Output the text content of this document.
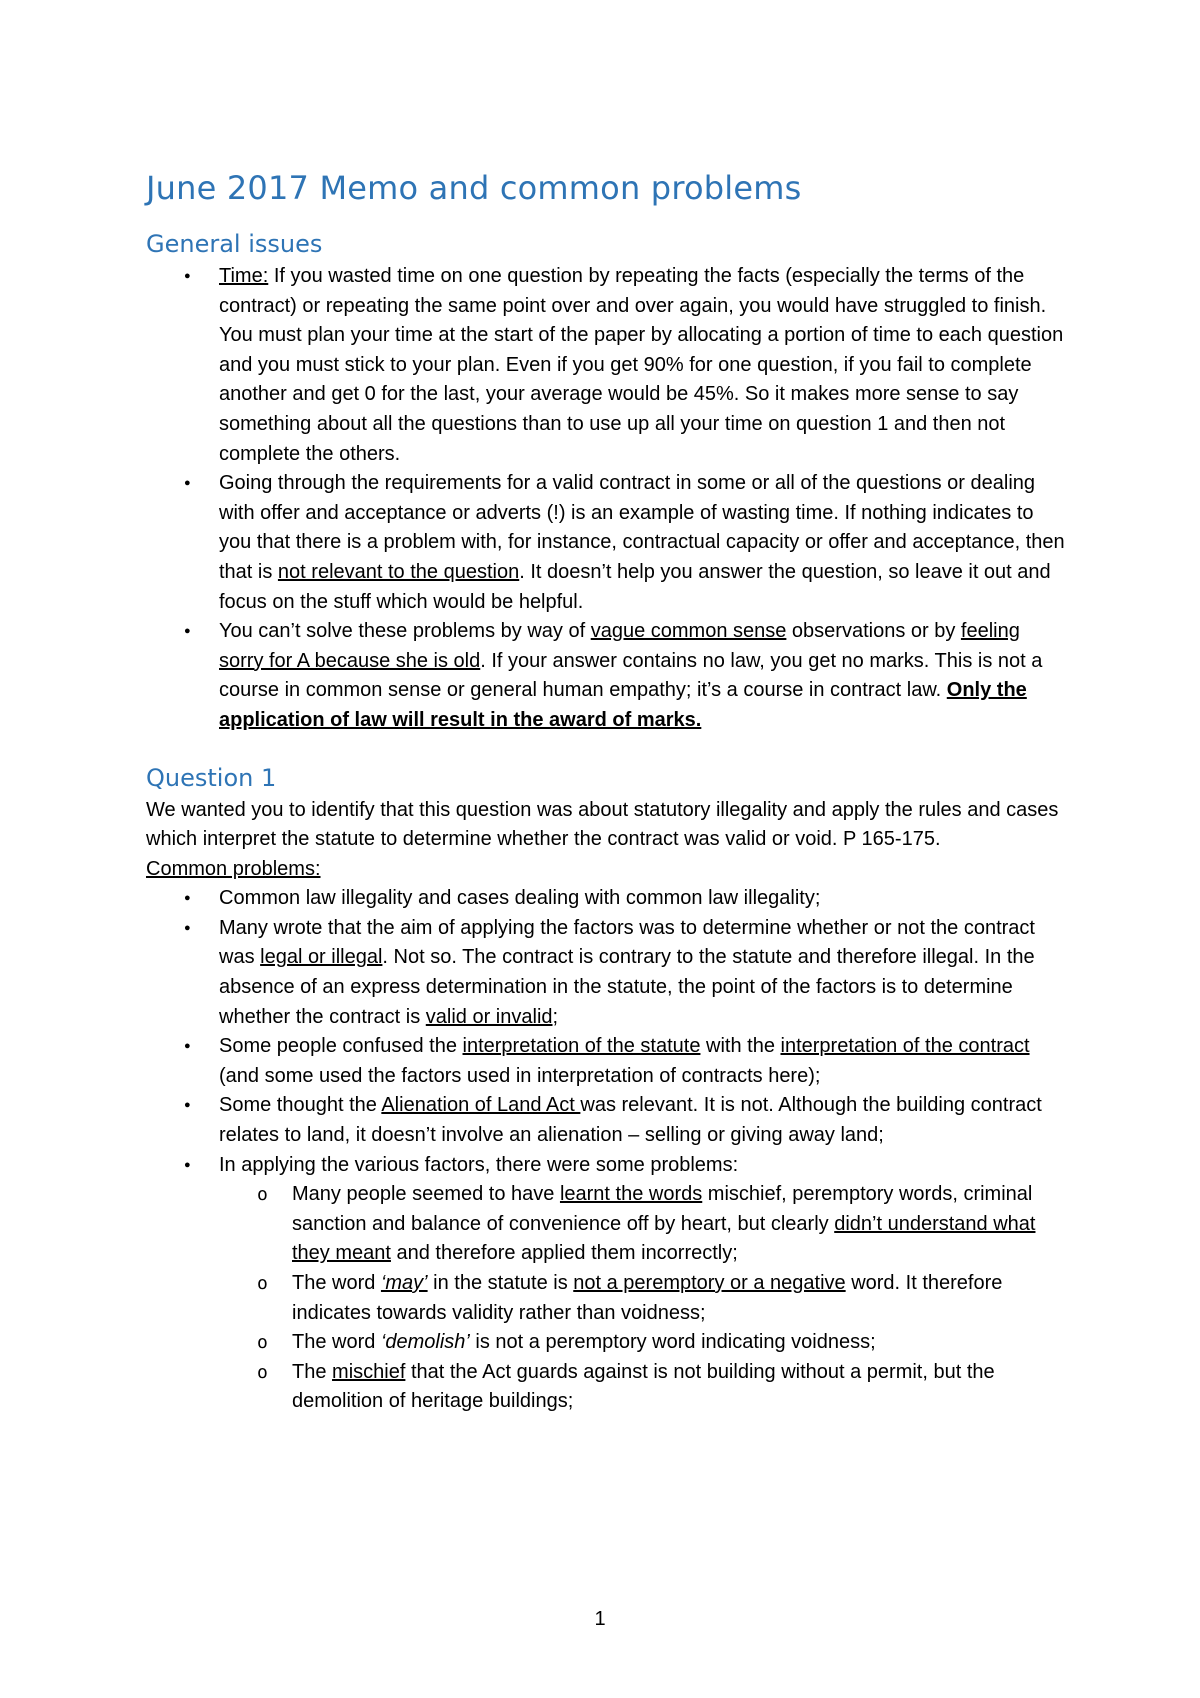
June 2017 Memo and common problems
General issues
● Time: If you wasted time on one question by repeating the facts (especially the terms of the contract) or repeating the same point over and over again, you would have struggled to finish. You must plan your time at the start of the paper by allocating a portion of time to each question and you must stick to your plan. Even if you get 90% for one question, if you fail to complete another and get 0 for the last, your average would be 45%. So it makes more sense to say something about all the questions than to use up all your time on question 1 and then not complete the others.
● Going through the requirements for a valid contract in some or all of the questions or dealing with offer and acceptance or adverts (!) is an example of wasting time. If nothing indicates to you that there is a problem with, for instance, contractual capacity or offer and acceptance, then that is not relevant to the question. It doesn’t help you answer the question, so leave it out and focus on the stuff which would be helpful.
● You can’t solve these problems by way of vague common sense observations or by feeling sorry for A because she is old. If your answer contains no law, you get no marks. This is not a course in common sense or general human empathy; it’s a course in contract law. Only the application of law will result in the award of marks.
Question 1

We wanted you to identify that this question was about statutory illegality and apply the rules and cases which interpret the statute to determine whether the contract was valid or void. P 165-175.

Common problems:

● Common law illegality and cases dealing with common law illegality;
● Many wrote that the aim of applying the factors was to determine whether or not the contract was legal or illegal. Not so. The contract is contrary to the statute and therefore illegal. In the absence of an express determination in the statute, the point of the factors is to determine whether the contract is valid or invalid;
● Some people confused the interpretation of the statute with the interpretation of the contract (and some used the factors used in interpretation of contracts here);
● Some thought the Alienation of Land Act was relevant. It is not. Although the building contract relates to land, it doesn’t involve an alienation – selling or giving away land;
● In applying the various factors, there were some problems:
o Many people seemed to have learnt the words mischief, peremptory words, criminal sanction and balance of convenience off by heart, but clearly didn’t understand what they meant and therefore applied them incorrectly;
o The word ‘may’ in the statute is not a peremptory or a negative word. It therefore indicates towards validity rather than voidness;
o The word ‘demolish’ is not a peremptory word indicating voidness;
o The mischief that the Act guards against is not building without a permit, but the demolition of heritage buildings;
1
